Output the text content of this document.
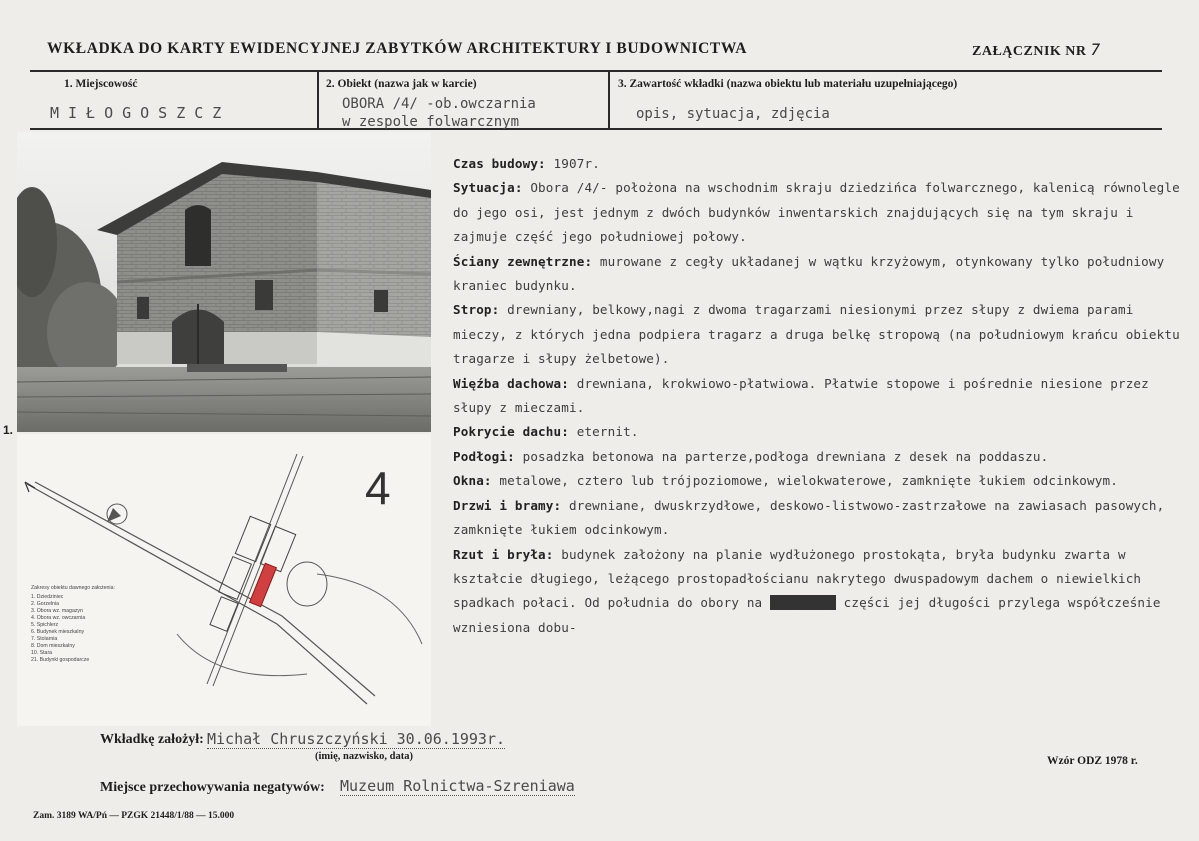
WKŁADKA DO KARTY EWIDENCYJNEJ ZABYTKÓW ARCHITEKTURY I BUDOWNICTWA	ZAŁĄCZNIK NR 7
1. Miejscowość
MIŁOGOSZCZ
2. Obiekt (nazwa jak w karcie)
OBORA /4/ -ob.owczarnia
w zespole folwarcznym
3. Zawartość wkładki (nazwa obiektu lub materiału uzupełniającego)
opis, sytuacja, zdjęcia
1.
4
Zakresy obiektu dawnego założenia:
1. Dziedziniec
2. Gorzelnia
3. Obora wz. magazyn
4. Obora wz. owczarnia
5. Spichlerz
6. Budynek mieszkalny
7. Stolarnia
8. Dom mieszkalny
10. Stara
21. Budynki gospodarcze

Czas budowy: 1907r.

Sytuacja: Obora /4/- położona na wschodnim skraju dziedzińca folwarcznego, kalenicą równolegle do jego osi, jest jednym z dwóch budynków inwentarskich znajdujących się na tym skraju i zajmuje część jego południowej połowy.

Ściany zewnętrzne: murowane z cegły układanej w wątku krzyżowym, otynkowany tylko południowy kraniec budynku.

Strop: drewniany, belkowy,nagi z dwoma tragarzami niesionymi przez słupy z dwiema parami mieczy, z których jedna podpiera tragarz a druga belkę stropową (na południowym krańcu obiektu tragarze i słupy żelbetowe).

Więźba dachowa: drewniana, krokwiowo-płatwiowa. Płatwie stopowe i pośrednie niesione przez słupy z mieczami.

Pokrycie dachu: eternit.

Podłogi: posadzka betonowa na parterze,podłoga drewniana z desek na poddaszu.

Okna: metalowe, cztero lub trójpoziomowe, wielokwaterowe, zamknięte łukiem odcinkowym.

Drzwi i bramy: drewniane, dwuskrzydłowe, deskowo-listwowo-zastrzałowe na zawiasach pasowych, zamknięte łukiem odcinkowym.

Rzut i bryła: budynek założony na planie wydłużonego prostokąta, bryła budynku zwarta w kształcie długiego, leżącego prostopadłościanu nakrytego dwuspadowym dachem o niewielkich spadkach połaci. Od południa do obory na większej części jej długości przylega współcześnie wzniesiona dobu-

Wkładkę założył: Michał Chruszczyński 30.06.1993r.
(imię, nazwisko, data)	Wzór ODZ 1978 r.
Miejsce przechowywania negatywów: Muzeum Rolnictwa-Szreniawa
Zam. 3189 WA/Pń — PZGK 21448/1/88 — 15.000
